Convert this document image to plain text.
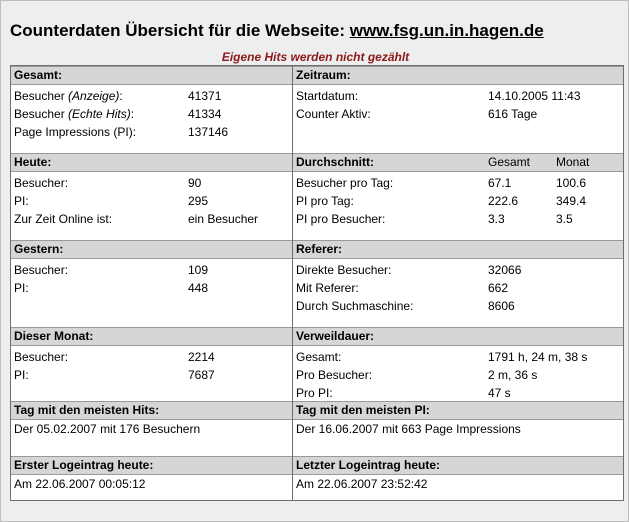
Counterdaten Übersicht für die Webseite: www.fsg.un.in.hagen.de
Eigene Hits werden nicht gezählt
Gesamt:	Zeitraum:
Besucher (Anzeige):	41371
Besucher (Echte Hits):	41334
Page Impressions (PI):	137146
Startdatum:	14.10.2005 11:43
Counter Aktiv:	616 Tage
Heute:	Durchschnitt:	Gesamt Monat
Besucher:	90
PI:	295
Zur Zeit Online ist:	ein Besucher
Besucher pro Tag:	67.1	100.6
PI pro Tag:	222.6	349.4
PI pro Besucher:	3.3	3.5
Gestern:	Referer:
Besucher:	109
PI:	448
Direkte Besucher:	32066
Mit Referer:	662
Durch Suchmaschine:	8606
Dieser Monat:	Verweildauer:
Besucher:	2214
PI:	7687
Gesamt:	1791 h, 24 m, 38 s
Pro Besucher:	2 m, 36 s
Pro PI:	47 s
Tag mit den meisten Hits:	Tag mit den meisten PI:
Der 05.02.2007 mit 176 Besuchern	Der 16.06.2007 mit 663 Page Impressions
Erster Logeintrag heute:	Letzter Logeintrag heute:
Am 22.06.2007 00:05:12	Am 22.06.2007 23:52:42
